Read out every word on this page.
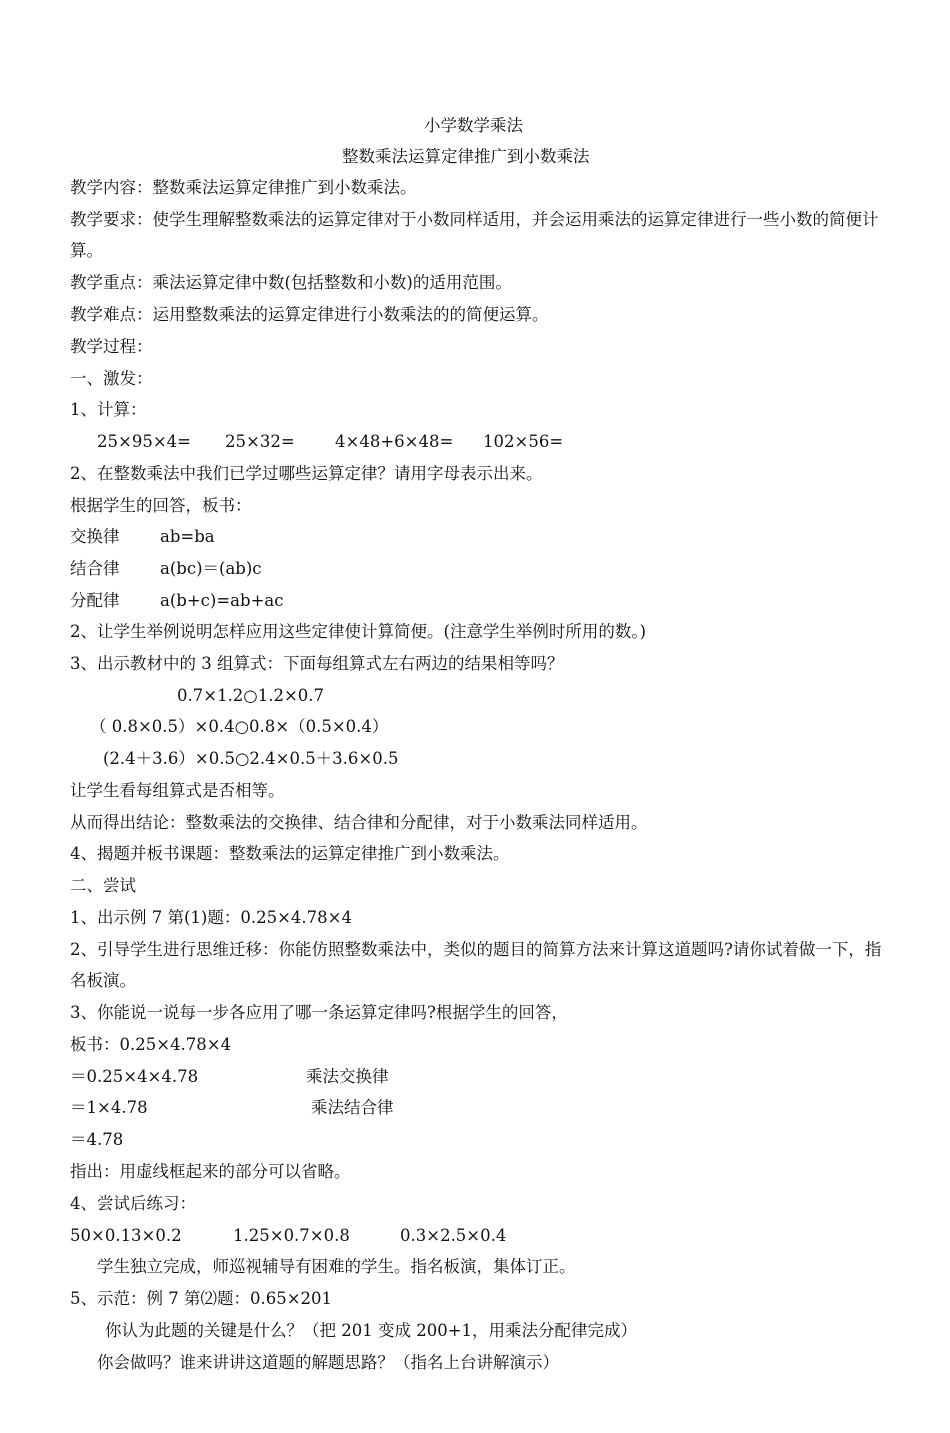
小学数学乘法
整数乘法运算定律推广到小数乘法
教学内容：整数乘法运算定律推广到小数乘法。
教学要求：使学生理解整数乘法的运算定律对于小数同样适用，并会运用乘法的运算定律进行一些小数的简便计算。
教学重点：乘法运算定律中数(包括整数和小数)的适用范围。
教学难点：运用整数乘法的运算定律进行小数乘法的的简便运算。
教学过程：
一、激发：
1、计算：
25×95×4= 25×32= 4×48+6×48= 102×56=
2、在整数乘法中我们已学过哪些运算定律？请用字母表示出来。
根据学生的回答，板书：
交换律 ab=ba
结合律 a(bc)＝(ab)c
分配律 a(b+c)=ab+ac
2、让学生举例说明怎样应用这些定律使计算简便。(注意学生举例时所用的数。)
3、出示教材中的 3 组算式：下面每组算式左右两边的结果相等吗？
0.7×1.2○1.2×0.7
（ 0.8×0.5）×0.4○0.8×（0.5×0.4）
(2.4＋3.6）×0.5○2.4×0.5＋3.6×0.5
让学生看每组算式是否相等。
从而得出结论：整数乘法的交换律、结合律和分配律，对于小数乘法同样适用。
4、揭题并板书课题：整数乘法的运算定律推广到小数乘法。
二、尝试
1、出示例 7 第(1)题：0.25×4.78×4
2、引导学生进行思维迁移：你能仿照整数乘法中，类似的题目的简算方法来计算这道题吗?请你试着做一下，指名板演。
3、你能说一说每一步各应用了哪一条运算定律吗?根据学生的回答，
板书：0.25×4.78×4
＝0.25×4×4.78	乘法交换律
＝1×4.78	乘法结合律
＝4.78
指出：用虚线框起来的部分可以省略。
4、尝试后练习：
50×0.13×0.2	1.25×0.7×0.8	0.3×2.5×0.4
学生独立完成，师巡视辅导有困难的学生。指名板演，集体订正。
5、示范：例 7 第⑵题：0.65×201
你认为此题的关键是什么？（把 201 变成 200+1，用乘法分配律完成）
你会做吗？谁来讲讲这道题的解题思路？（指名上台讲解演示）
